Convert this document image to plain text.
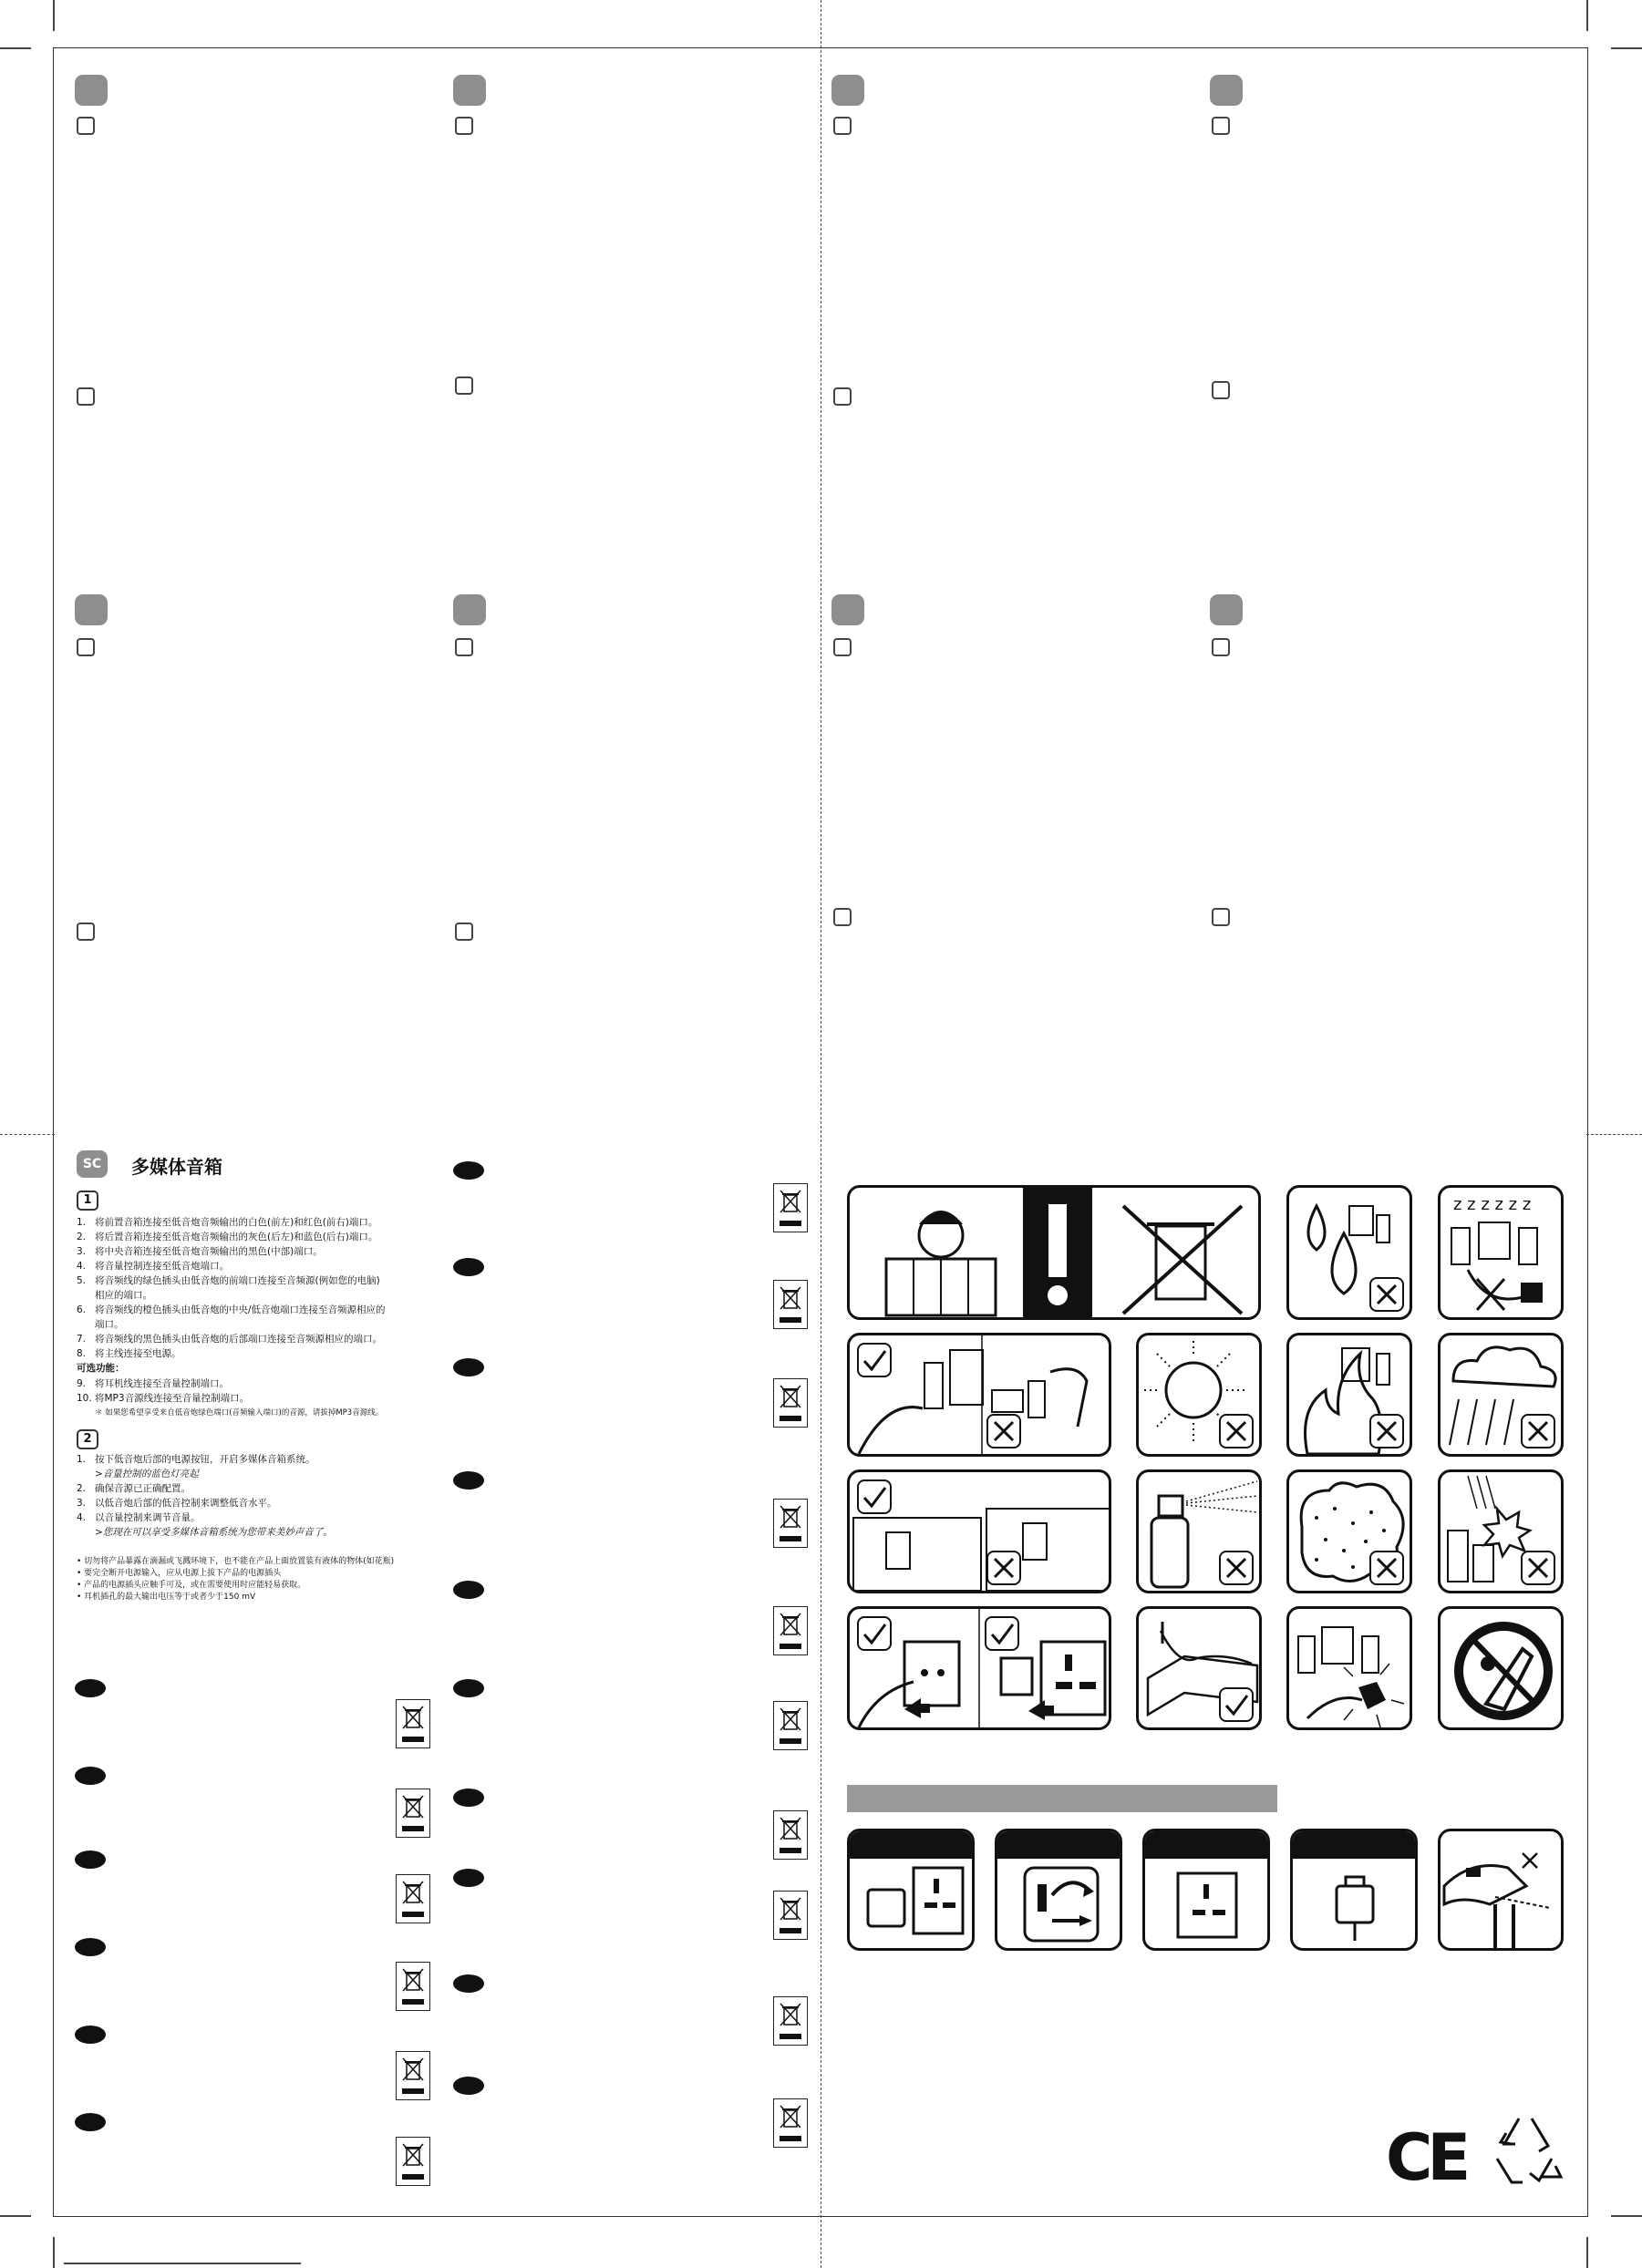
SC	多媒体音箱
1
1. 将前置音箱连接至低音炮音频输出的白色(前左)和红色(前右)端口。
2. 将后置音箱连接至低音炮音频输出的灰色(后左)和蓝色(后右)端口。
3. 将中央音箱连接至低音炮音频输出的黑色(中部)端口。
4. 将音量控制连接至低音炮端口。
5. 将音频线的绿色插头由低音炮的前端口连接至音频源(例如您的电脑)
相应的端口。
6. 将音频线的橙色插头由低音炮的中央/低音炮端口连接至音频源相应的
端口。
7. 将音频线的黑色插头由低音炮的后部端口连接至音频源相应的端口。
8. 将主线连接至电源。
可选功能：
9. 将耳机线连接至音量控制端口。
10. 将MP3音源线连接至音量控制端口。
＊ 如果您希望享受来自低音炮绿色端口(音频输入端口)的音源，请拔掉MP3音源线。
2
1. 按下低音炮后部的电源按钮，开启多媒体音箱系统。
>音量控制的蓝色灯亮起
2. 确保音源已正确配置。
3. 以低音炮后部的低音控制来调整低音水平。
4. 以音量控制来调节音量。
>您现在可以享受多媒体音箱系统为您带来美妙声音了。
• 切勿将产品暴露在滴漏或飞溅环境下，也不能在产品上面放置装有液体的物体(如花瓶)
• 要完全断开电源输入，应从电源上拔下产品的电源插头
• 产品的电源插头应触手可及，或在需要使用时应能轻易获取。
• 耳机插孔的最大输出电压等于或者少于150 mV
z z z z z z
CE
